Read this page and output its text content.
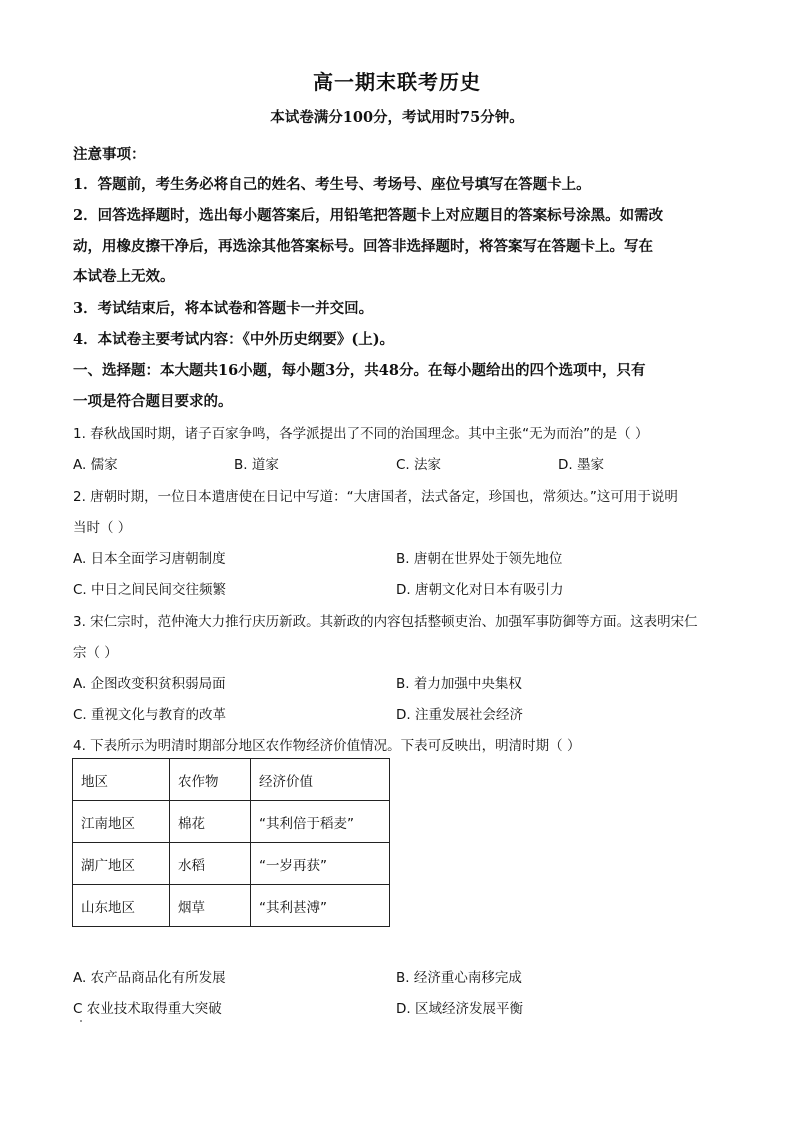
高一期末联考历史
本试卷满分100分，考试用时75分钟。
注意事项：
1．答题前，考生务必将自己的姓名、考生号、考场号、座位号填写在答题卡上。
2．回答选择题时，选出每小题答案后，用铅笔把答题卡上对应题目的答案标号涂黑。如需改
动，用橡皮擦干净后，再选涂其他答案标号。回答非选择题时，将答案写在答题卡上。写在
本试卷上无效。
3．考试结束后，将本试卷和答题卡一并交回。
4．本试卷主要考试内容：《中外历史纲要》(上)。
一、选择题：本大题共16小题，每小题3分，共48分。在每小题给出的四个选项中，只有
一项是符合题目要求的。
1. 春秋战国时期，诸子百家争鸣，各学派提出了不同的治国理念。其中主张“无为而治”的是（ ）
A. 儒家	B. 道家	C. 法家	D. 墨家
2. 唐朝时期，一位日本遣唐使在日记中写道：“大唐国者，法式备定，珍国也，常须达。”这可用于说明
当时（ ）
A. 日本全面学习唐朝制度	B. 唐朝在世界处于领先地位
C. 中日之间民间交往频繁	D. 唐朝文化对日本有吸引力
3. 宋仁宗时，范仲淹大力推行庆历新政。其新政的内容包括整顿吏治、加强军事防御等方面。这表明宋仁
宗（ ）
A. 企图改变积贫积弱局面	B. 着力加强中央集权
C. 重视文化与教育的改革	D. 注重发展社会经济
4. 下表所示为明清时期部分地区农作物经济价值情况。下表可反映出，明清时期（ ）
地区	农作物	经济价值
江南地区	棉花	“其利倍于稻麦”
湖广地区	水稻	“一岁再获”
山东地区	烟草	“其利甚溥”
A. 农产品商品化有所发展	B. 经济重心南移完成
C 农业技术取得重大突破	D. 区域经济发展平衡
